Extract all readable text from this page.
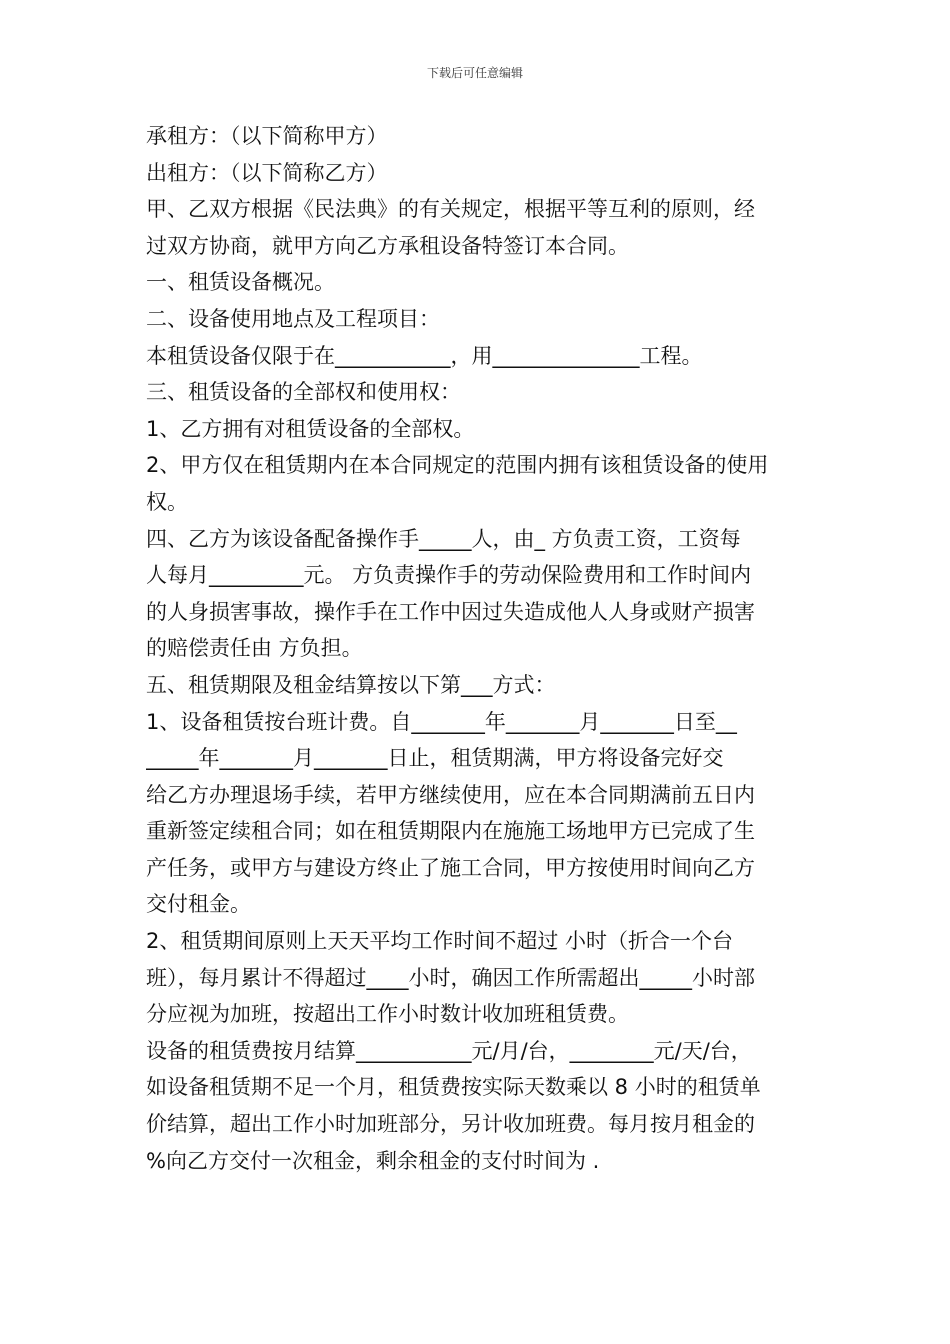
下载后可任意编辑
承租方：（以下简称甲方）
出租方：（以下简称乙方）
甲、乙双方根据《民法典》的有关规定，根据平等互利的原则，经
过双方协商，就甲方向乙方承租设备特签订本合同。
一、租赁设备概况。
二、设备使用地点及工程项目：
本租赁设备仅限于在___________，用______________工程。
三、租赁设备的全部权和使用权：
1、乙方拥有对租赁设备的全部权。
2、甲方仅在租赁期内在本合同规定的范围内拥有该租赁设备的使用
权。
四、乙方为该设备配备操作手_____人，由_ 方负责工资，工资每
人每月_________元。 方负责操作手的劳动保险费用和工作时间内
的人身损害事故，操作手在工作中因过失造成他人人身或财产损害
的赔偿责任由 方负担。
五、租赁期限及租金结算按以下第___方式：
1、设备租赁按台班计费。自_______年_______月_______日至__
_____年_______月_______日止，租赁期满，甲方将设备完好交
给乙方办理退场手续，若甲方继续使用，应在本合同期满前五日内
重新签定续租合同；如在租赁期限内在施施工场地甲方已完成了生
产任务，或甲方与建设方终止了施工合同，甲方按使用时间向乙方
交付租金。
2、租赁期间原则上天天平均工作时间不超过 小时（折合一个台
班），每月累计不得超过____小时，确因工作所需超出_____小时部
分应视为加班，按超出工作小时数计收加班租赁费。
设备的租赁费按月结算___________元/月/台，________元/天/台，
如设备租赁期不足一个月，租赁费按实际天数乘以 8 小时的租赁单
价结算，超出工作小时加班部分，另计收加班费。每月按月租金的
%向乙方交付一次租金，剩余租金的支付时间为 .
